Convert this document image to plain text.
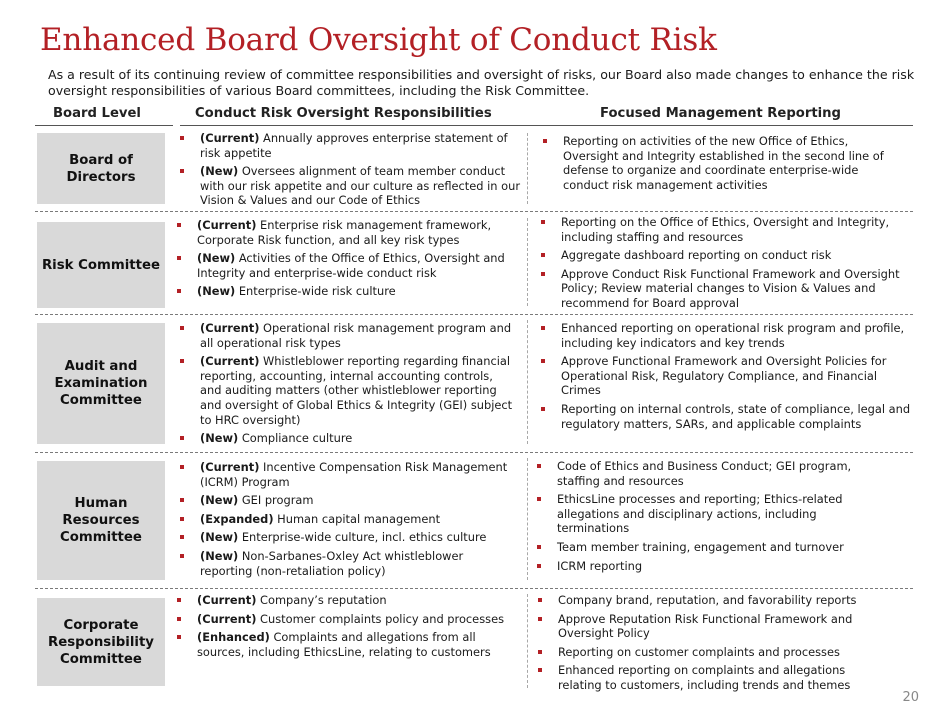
Enhanced Board Oversight of Conduct Risk
As a result of its continuing review of committee responsibilities and oversight of risks, our Board also made changes to enhance the risk oversight responsibilities of various Board committees, including the Risk Committee.
Board Level	Conduct Risk Oversight Responsibilities	Focused Management Reporting
Board of Directors
(Current) Annually approves enterprise statement of risk appetite
(New) Oversees alignment of team member conduct with our risk appetite and our culture as reflected in our Vision & Values and our Code of Ethics
Reporting on activities of the new Office of Ethics, Oversight and Integrity established in the second line of defense to organize and coordinate enterprise-wide conduct risk management activities
Risk Committee
(Current) Enterprise risk management framework, Corporate Risk function, and all key risk types
(New) Activities of the Office of Ethics, Oversight and Integrity and enterprise-wide conduct risk
(New) Enterprise-wide risk culture
Reporting on the Office of Ethics, Oversight and Integrity, including staffing and resources
Aggregate dashboard reporting on conduct risk
Approve Conduct Risk Functional Framework and Oversight Policy; Review material changes to Vision & Values and recommend for Board approval
Audit and Examination Committee
(Current) Operational risk management program and all operational risk types
(Current) Whistleblower reporting regarding financial reporting, accounting, internal accounting controls, and auditing matters (other whistleblower reporting and oversight of Global Ethics & Integrity (GEI) subject to HRC oversight)
(New) Compliance culture
Enhanced reporting on operational risk program and profile, including key indicators and key trends
Approve Functional Framework and Oversight Policies for Operational Risk, Regulatory Compliance, and Financial Crimes
Reporting on internal controls, state of compliance, legal and regulatory matters, SARs, and applicable complaints
Human Resources Committee
(Current) Incentive Compensation Risk Management (ICRM) Program
(New) GEI program
(Expanded) Human capital management
(New) Enterprise-wide culture, incl. ethics culture
(New) Non-Sarbanes-Oxley Act whistleblower reporting (non-retaliation policy)
Code of Ethics and Business Conduct; GEI program, staffing and resources
EthicsLine processes and reporting; Ethics-related allegations and disciplinary actions, including terminations
Team member training, engagement and turnover
ICRM reporting
Corporate Responsibility Committee
(Current) Company’s reputation
(Current) Customer complaints policy and processes
(Enhanced) Complaints and allegations from all sources, including EthicsLine, relating to customers
Company brand, reputation, and favorability reports
Approve Reputation Risk Functional Framework and Oversight Policy
Reporting on customer complaints and processes
Enhanced reporting on complaints and allegations relating to customers, including trends and themes
20
